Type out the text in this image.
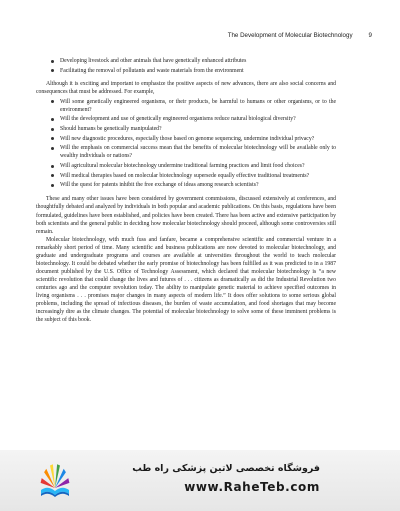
The Development of Molecular Biotechnology	9
Developing livestock and other animals that have genetically enhanced attributes
Facilitating the removal of pollutants and waste materials from the environment

Although it is exciting and important to emphasize the positive aspects of new advances, there are also social concerns and consequences that must be addressed. For example,

Will some genetically engineered organisms, or their products, be harmful to humans or other organisms, or to the environment?
Will the development and use of genetically engineered organisms reduce natural biological diversity?
Should humans be genetically manipulated?
Will new diagnostic procedures, especially those based on genome sequencing, undermine individual privacy?
Will the emphasis on commercial success mean that the benefits of molecular biotechnology will be available only to wealthy individuals or nations?
Will agricultural molecular biotechnology undermine traditional farming practices and limit food choices?
Will medical therapies based on molecular biotechnology supersede equally effective traditional treatments?
Will the quest for patents inhibit the free exchange of ideas among research scientists?

These and many other issues have been considered by government commissions, discussed extensively at conferences, and thoughtfully debated and analyzed by individuals in both popular and academic publications. On this basis, regulations have been formulated, guidelines have been established, and policies have been created. There has been active and extensive participation by both scientists and the general public in deciding how molecular biotechnology should proceed, although some controversies still remain.

Molecular biotechnology, with much fuss and fanfare, became a comprehensive scientific and commercial venture in a remarkably short period of time. Many scientific and business publications are now devoted to molecular biotechnology, and graduate and undergraduate programs and courses are available at universities throughout the world to teach molecular biotechnology. It could be debated whether the early promise of biotechnology has been fulfilled as it was predicted to in a 1987 document published by the U.S. Office of Technology Assessment, which declared that molecular biotechnology is “a new scientific revolution that could change the lives and futures of . . . citizens as dramatically as did the Industrial Revolution two centuries ago and the computer revolution today. The ability to manipulate genetic material to achieve specified outcomes in living organisms . . . promises major changes in many aspects of modern life.” It does offer solutions to some serious global problems, including the spread of infectious diseases, the burden of waste accumulation, and food shortages that may become increasingly dire as the climate changes. The potential of molecular biotechnology to solve some of these imminent problems is the subject of this book.

فروشگاه تخصصی لاتین پزشکی راه طب
www.RaheTeb.com
